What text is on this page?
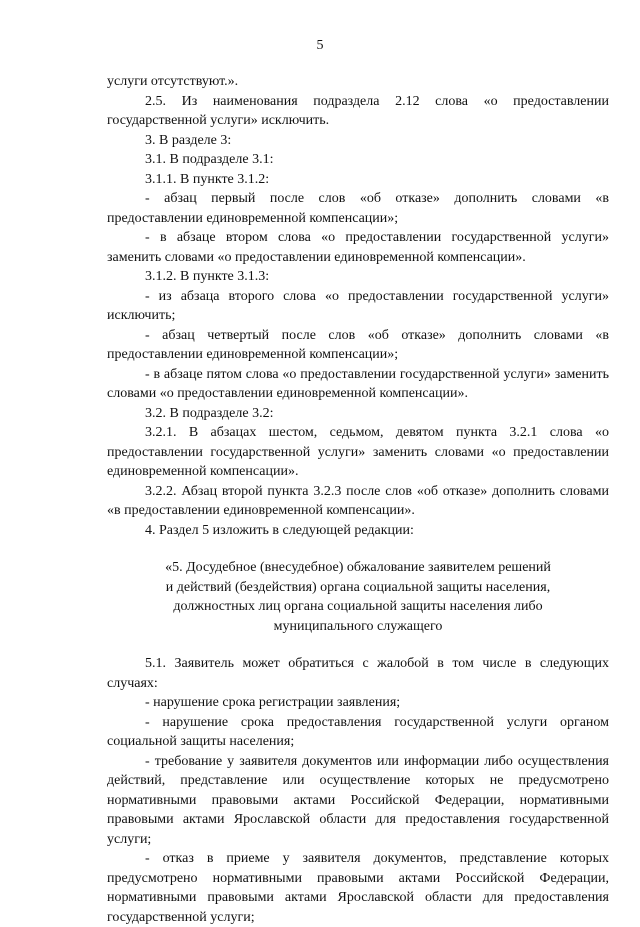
5

услуги отсутствуют.».

2.5. Из наименования подраздела 2.12 слова «о предоставлении государственной услуги» исключить.

3. В разделе 3:

3.1. В подразделе 3.1:

3.1.1. В пункте 3.1.2:

- абзац первый после слов «об отказе» дополнить словами «в предоставлении единовременной компенсации»;

- в абзаце втором слова «о предоставлении государственной услуги» заменить словами «о предоставлении единовременной компенсации».

3.1.2. В пункте 3.1.3:

- из абзаца второго слова «о предоставлении государственной услуги» исключить;

- абзац четвертый после слов «об отказе» дополнить словами «в предоставлении единовременной компенсации»;

- в абзаце пятом слова «о предоставлении государственной услуги» заменить словами «о предоставлении единовременной компенсации».

3.2. В подразделе 3.2:

3.2.1. В абзацах шестом, седьмом, девятом пункта 3.2.1 слова «о предоставлении государственной услуги» заменить словами «о предоставлении единовременной компенсации».

3.2.2. Абзац второй пункта 3.2.3 после слов «об отказе» дополнить словами «в предоставлении единовременной компенсации».

4. Раздел 5 изложить в следующей редакции:

«5. Досудебное (внесудебное) обжалование заявителем решений
и действий (бездействия) органа социальной защиты населения,
должностных лиц органа социальной защиты населения либо
муниципального служащего

5.1. Заявитель может обратиться с жалобой в том числе в следующих случаях:

- нарушение срока регистрации заявления;

- нарушение срока предоставления государственной услуги органом социальной защиты населения;

- требование у заявителя документов или информации либо осуществления действий, представление или осуществление которых не предусмотрено нормативными правовыми актами Российской Федерации, нормативными правовыми актами Ярославской области для предоставления государственной услуги;

- отказ в приеме у заявителя документов, представление которых предусмотрено нормативными правовыми актами Российской Федерации, нормативными правовыми актами Ярославской области для предоставления государственной услуги;
